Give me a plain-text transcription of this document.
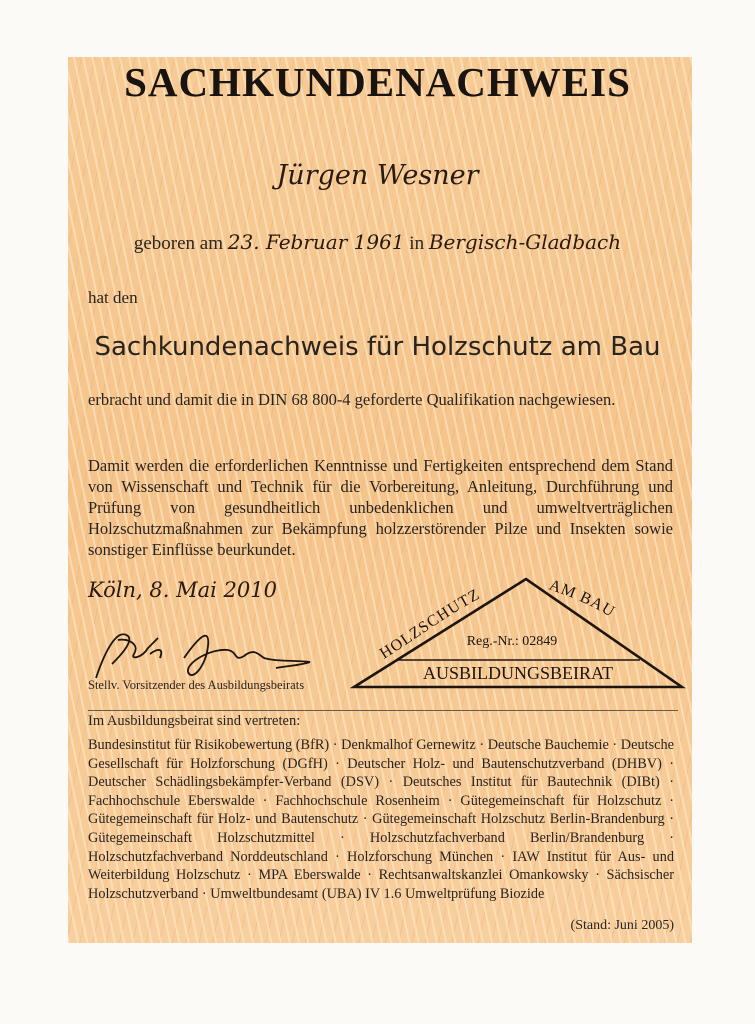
SACHKUNDENACHWEIS
Jürgen Wesner
geboren am 23. Februar 1961 in Bergisch-Gladbach
hat den
Sachkundenachweis für Holzschutz am Bau
erbracht und damit die in DIN 68 800-4 geforderte Qualifikation nachgewiesen.
Damit werden die erforderlichen Kenntnisse und Fertigkeiten entsprechend dem Stand von Wissenschaft und Technik für die Vorbereitung, Anleitung, Durchführung und Prüfung von gesundheitlich unbedenklichen und umweltverträglichen Holzschutzmaßnahmen zur Bekämpfung holzzerstörender Pilze und Insekten sowie sonstiger Einflüsse beurkundet.
Köln, 8. Mai 2010
Stellv. Vorsitzender des Ausbildungsbeirats
HOLZSCHUTZ	AM BAU
Reg.-Nr.: 02849
AUSBILDUNGSBEIRAT
Im Ausbildungsbeirat sind vertreten:
Bundesinstitut für Risikobewertung (BfR) · Denkmalhof Gernewitz · Deutsche Bauchemie · Deutsche Gesellschaft für Holzforschung (DGfH) · Deutscher Holz- und Bautenschutzverband (DHBV) · Deutscher Schädlingsbekämpfer-Verband (DSV) · Deutsches Institut für Bautechnik (DIBt) · Fachhochschule Eberswalde · Fachhochschule Rosenheim · Gütegemeinschaft für Holzschutz · Gütegemeinschaft für Holz- und Bautenschutz · Gütegemeinschaft Holzschutz Berlin-Brandenburg · Gütegemeinschaft Holzschutzmittel · Holzschutzfachverband Berlin/Brandenburg · Holzschutzfachverband Norddeutschland · Holzforschung München · IAW Institut für Aus- und Weiterbildung Holzschutz · MPA Eberswalde · Rechtsanwaltskanzlei Omankowsky · Sächsischer Holzschutzverband · Umweltbundesamt (UBA) IV 1.6 Umweltprüfung Biozide
(Stand: Juni 2005)
